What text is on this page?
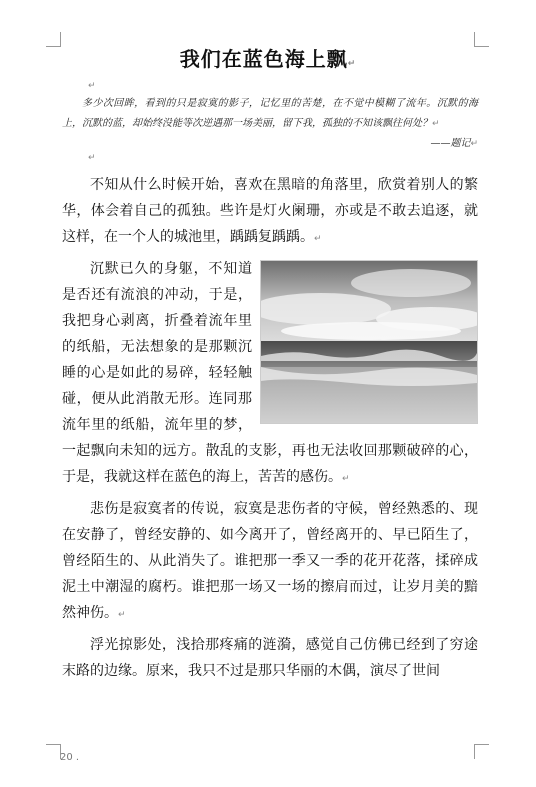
我们在蓝色海上飘↵
↵

多少次回眸，看到的只是寂寞的影子，记忆里的苦楚，在不觉中模糊了流年。沉默的海上，沉默的蓝，却始终没能等次逆遇那一场美丽，留下我，孤独的不知该飘往何处？↵

——题记↵

↵

不知从什么时候开始，喜欢在黑暗的角落里，欣赏着别人的繁华，体会着自己的孤独。些许是灯火阑珊，亦或是不敢去追逐，就这样，在一个人的城池里，踽踽复踽踽。↵

沉默已久的身躯，不知道是否还有流浪的冲动，于是，我把身心剥离，折叠着流年里的纸船，无法想象的是那颗沉睡的心是如此的易碎，轻轻触碰，便从此消散无形。连同那流年里的纸船，流年里的梦，一起飘向未知的远方。散乱的支影，再也无法收回那颗破碎的心，于是，我就这样在蓝色的海上，苦苦的感伤。↵

悲伤是寂寞者的传说，寂寞是悲伤者的守候，曾经熟悉的、现在安静了，曾经安静的、如今离开了，曾经离开的、早已陌生了，曾经陌生的、从此消失了。谁把那一季又一季的花开花落，揉碎成泥土中潮湿的腐朽。谁把那一场又一场的擦肩而过，让岁月美的黯然神伤。↵

浮光掠影处，浅拾那疼痛的涟漪，感觉自己仿佛已经到了穷途末路的边缘。原来，我只不过是那只华丽的木偶，演尽了世间

20 .
